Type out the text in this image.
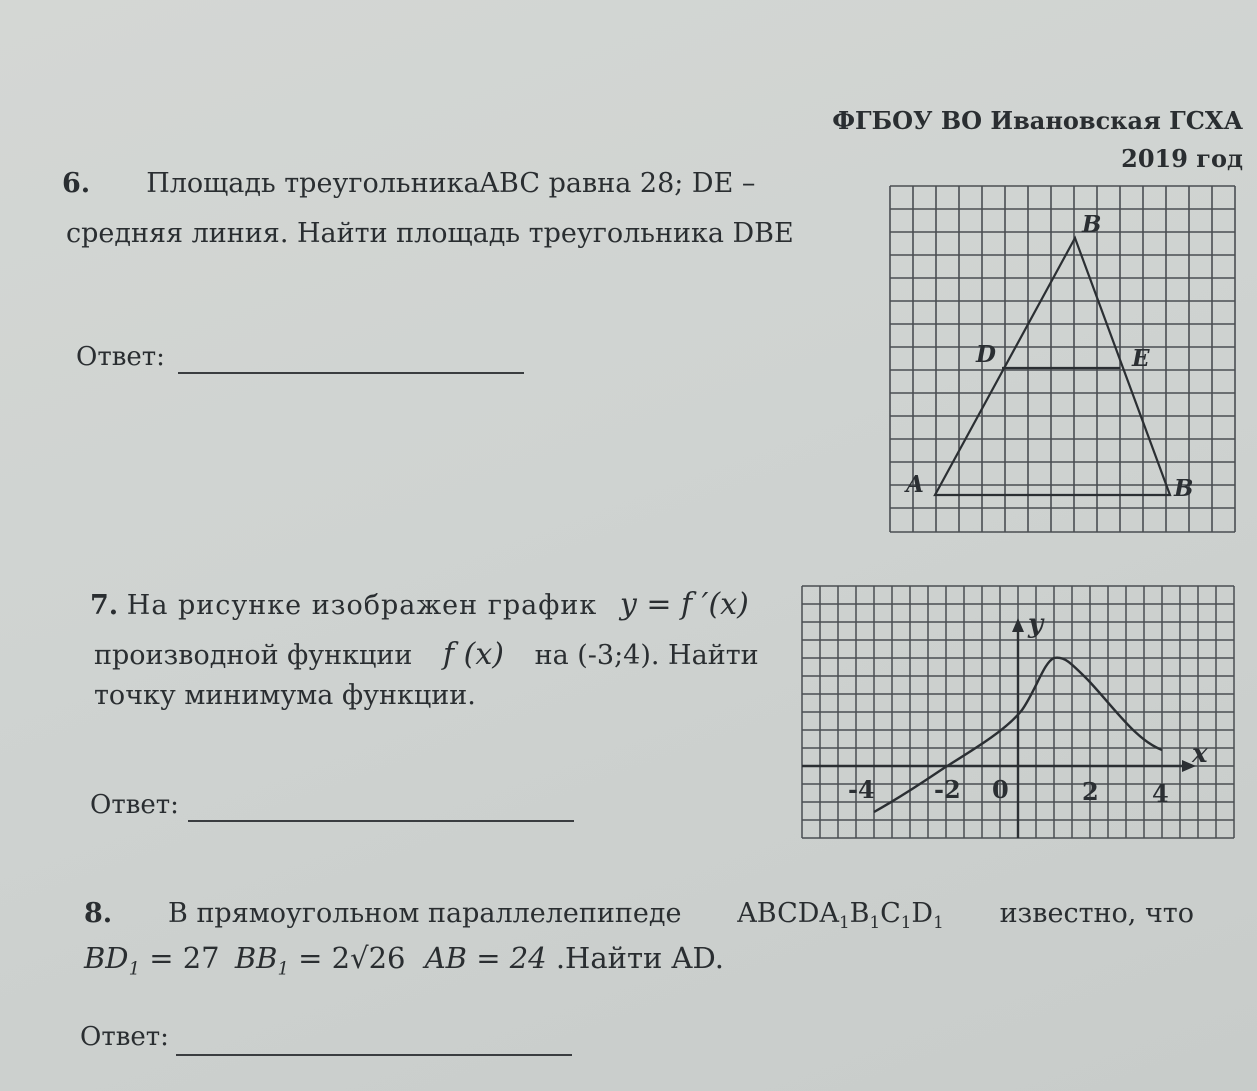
ФГБОУ ВО Ивановская ГСХА
2019 год
6. Площадь треугольникаABC равна 28; DE –
средняя линия. Найти площадь треугольника DBE
Ответ:
A
B
B
D	E
7. На рисунке изображен график y = f ′(x)
производной функции f (x) на (-3;4). Найти
точку минимума функции.
Ответ:
y
x
-4 -2 0	2 4
8. В прямоугольном параллелепипеде $ABCDA_1B_1C_1D_1$ известно, что
$BD_1 = 27$ $BB_1 = 2√26$ AB = 24 .Найти AD.
Ответ:
